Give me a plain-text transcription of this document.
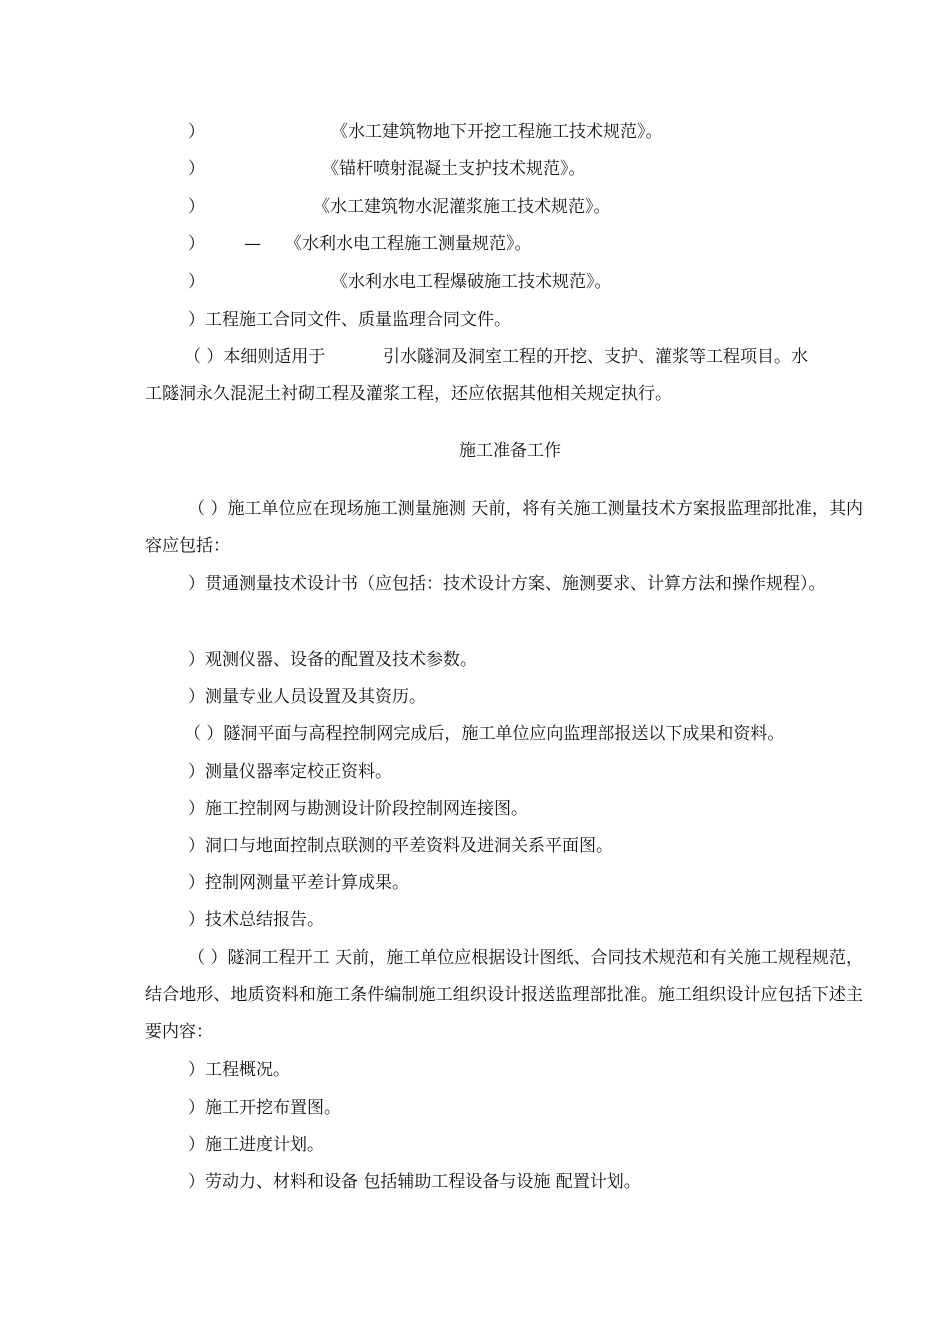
）	《水工建筑物地下开挖工程施工技术规范》。
）	《锚杆喷射混凝土支护技术规范》。
）	《水工建筑物水泥灌浆施工技术规范》。
） — 《水利水电工程施工测量规范》。
）	《水利水电工程爆破施工技术规范》。
）工程施工合同文件、质量监理合同文件。
（ ）本细则适用于	引水隧洞及洞室工程的开挖、支护、灌浆等工程项目。水
工隧洞永久混泥土衬砌工程及灌浆工程，还应依据其他相关规定执行。
施工准备工作
（ ）施工单位应在现场施工测量施测 天前，将有关施工测量技术方案报监理部批准，其内容应包括：
）贯通测量技术设计书（应包括：技术设计方案、施测要求、计算方法和操作规程）。
）观测仪器、设备的配置及技术参数。
）测量专业人员设置及其资历。
（ ）隧洞平面与高程控制网完成后，施工单位应向监理部报送以下成果和资料。
）测量仪器率定校正资料。
）施工控制网与勘测设计阶段控制网连接图。
）洞口与地面控制点联测的平差资料及进洞关系平面图。
）控制网测量平差计算成果。
）技术总结报告。
（ ）隧洞工程开工 天前，施工单位应根据设计图纸、合同技术规范和有关施工规程规范，结合地形、地质资料和施工条件编制施工组织设计报送监理部批准。施工组织设计应包括下述主要内容：
）工程概况。
）施工开挖布置图。
）施工进度计划。
）劳动力、材料和设备 包括辅助工程设备与设施 配置计划。
